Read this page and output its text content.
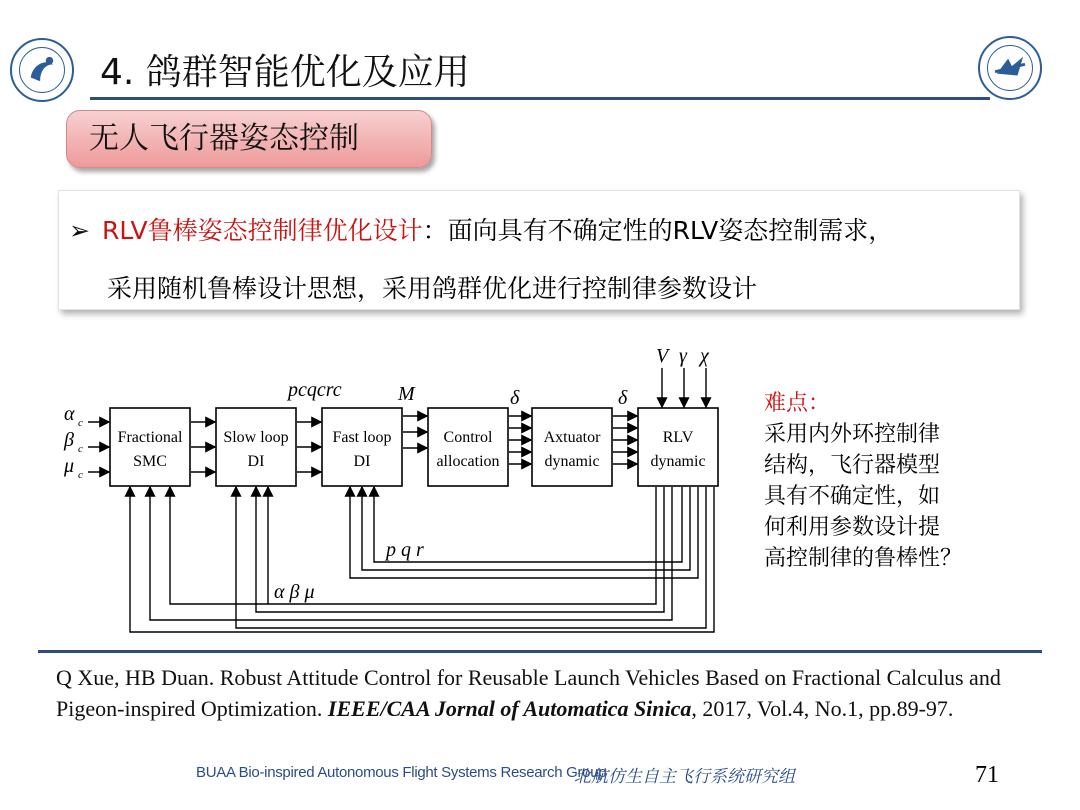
4. 鸽群智能优化及应用
无人飞行器姿态控制
➢ RLV鲁棒姿态控制律优化设计：面向具有不确定性的RLV姿态控制需求，
采用随机鲁棒设计思想，采用鸽群优化进行控制律参数设计
Fractional
SMC
Slow loop
DI
Fast loop
DI
Control
allocation
Axtuator
dynamic
RLV
dynamic
α
β
μ
c
c
c
pcqcrc	M	δ	δ
V γ χ
p q r
α β μ
难点：
采用内外环控制律
结构，飞行器模型
具有不确定性，如
何利用参数设计提
高控制律的鲁棒性？
Q Xue, HB Duan. Robust Attitude Control for Reusable Launch Vehicles Based on Fractional Calculus and Pigeon-inspired Optimization. IEEE/CAA Jornal of Automatica Sinica, 2017, Vol.4, No.1, pp.89-97.
BUAA Bio-inspired Autonomous Flight Systems Research Group
北航仿生自主飞行系统研究组	71
